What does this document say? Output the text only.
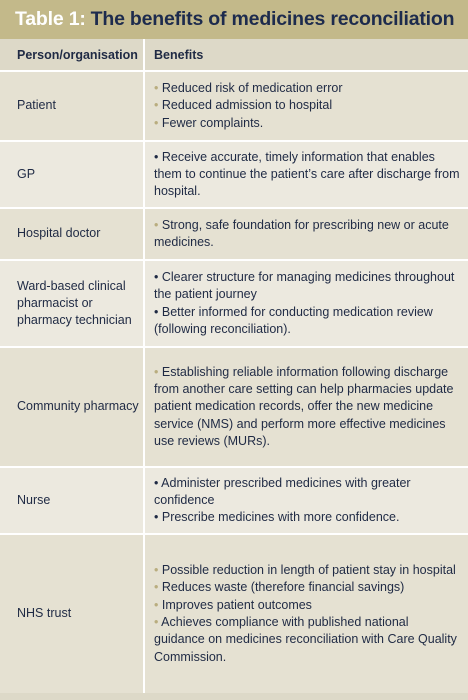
Table 1: The benefits of medicines reconciliation
Person/organisation	Benefits
Patient
• Reduced risk of medication error
• Reduced admission to hospital
• Fewer complaints.
GP
• Receive accurate, timely information that enables them to continue the patient’s care after discharge from hospital.
Hospital doctor
• Strong, safe foundation for prescribing new or acute medicines.
Ward-based clinical pharmacist or pharmacy technician
• Clearer structure for managing medicines throughout the patient journey
• Better informed for conducting medication review (following reconciliation).
Community pharmacy
• Establishing reliable information following discharge from another care setting can help pharmacies update patient medication records, offer the new medicine service (NMS) and perform more effective medicines use reviews (MURs).
Nurse
• Administer prescribed medicines with greater confidence
• Prescribe medicines with more confidence.
NHS trust
• Possible reduction in length of patient stay in hospital
• Reduces waste (therefore financial savings)
• Improves patient outcomes
• Achieves compliance with published national guidance on medicines reconciliation with Care Quality Commission.
